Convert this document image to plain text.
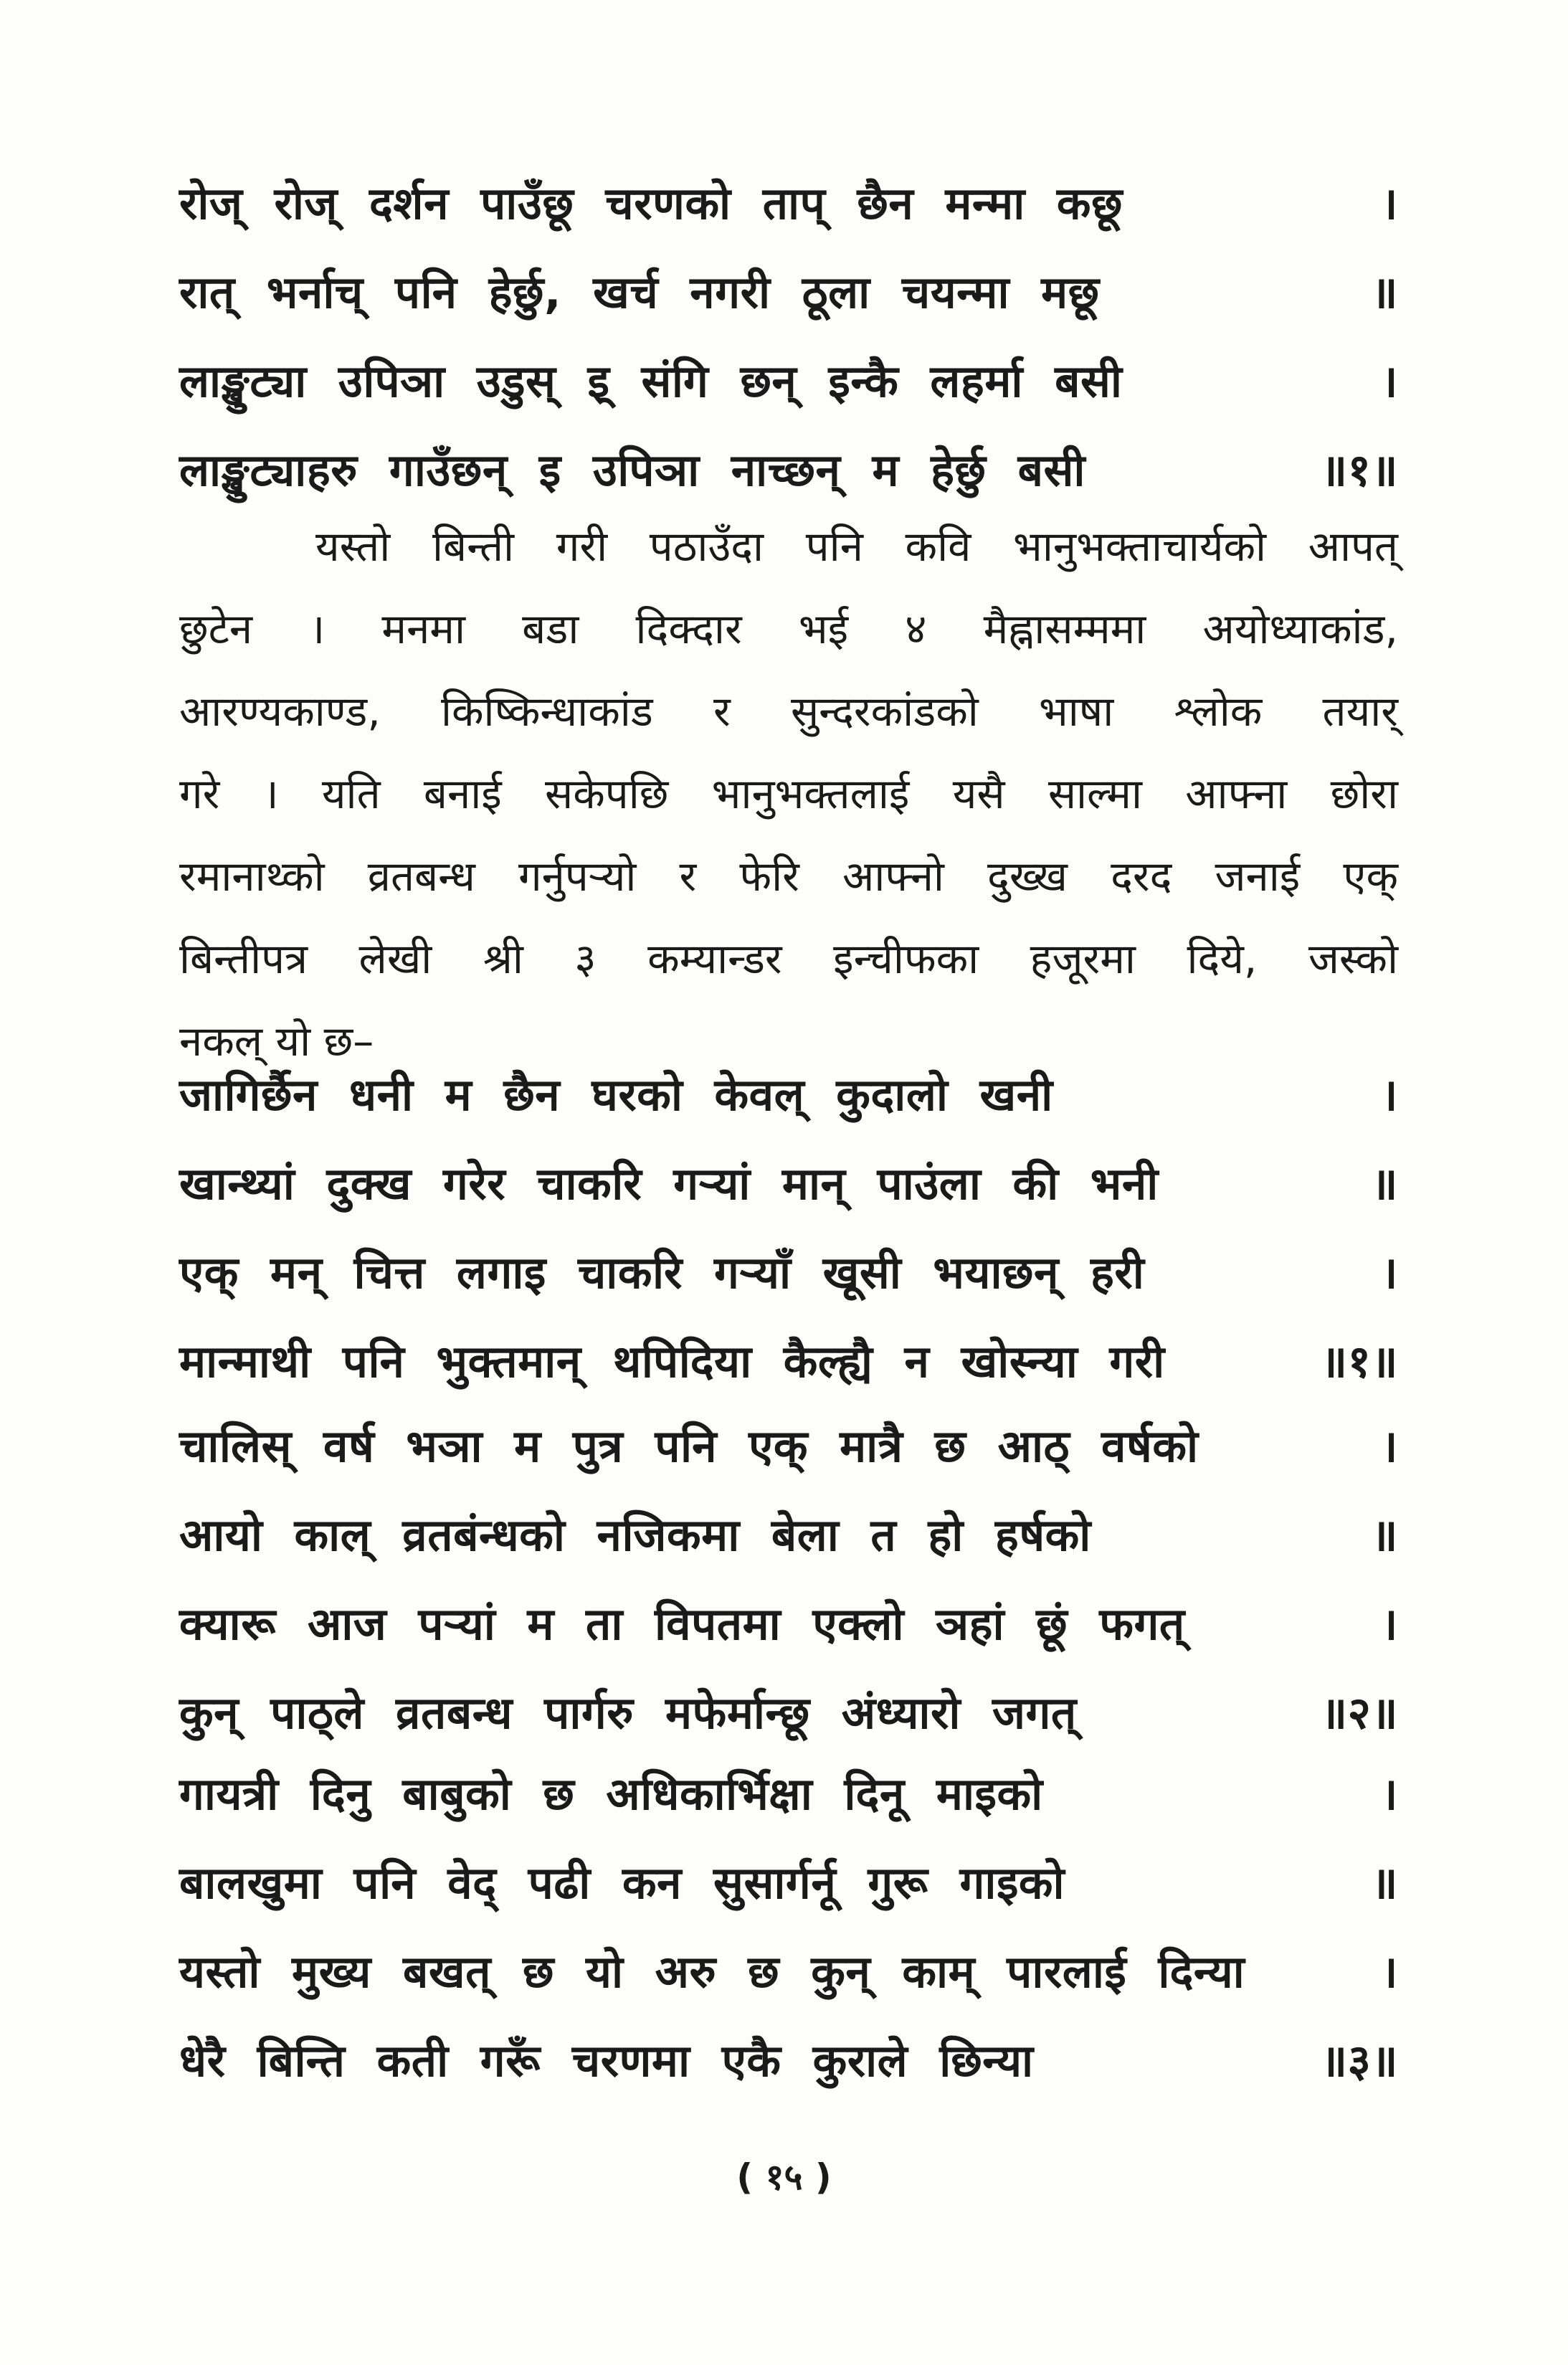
रोज् रोज् दर्शन पाउँछू चरणको ताप् छैन मन्मा कछू	।
रात् भर्नाच् पनि हेर्छु, खर्च नगरी ठूला चयन्मा मछू	॥
लाङ्खुट्या उपिञा उडुस् इ् संगि छन् इन्कै लहर्मा बसी	।
लाङ्खुट्याहरु गाउँछन् इ उपिञा नाच्छन् म हेर्छु बसी	॥१॥
यस्तो बिन्ती गरी पठाउँदा पनि कवि भानुभक्ताचार्यको आपत्
छुटेन । मनमा बडा दिक्दार भई ४ मैह्नासम्ममा अयोध्याकांड,
आरण्यकाण्ड, किष्किन्धाकांड र सुन्दरकांडको भाषा श्लोक तयार्
गरे । यति बनाई सकेपछि भानुभक्तलाई यसै साल्मा आफ्ना छोरा
रमानाथ्को व्रतबन्ध गर्नुपर्‍यो र फेरि आफ्नो दुख्ख दरद जनाई एक्
बिन्तीपत्र लेखी श्री ३ कम्यान्डर इन्चीफका हजूरमा दिये, जस्को
नकल् यो छ–
जागिर्छैन धनी म छैन घरको केवल् कुदालो खनी	।
खान्थ्यां दुक्ख गरेर चाकरि गर्‍यां मान् पाउंला की भनी	॥
एक् मन् चित्त लगाइ चाकरि गर्‍याँ खूसी भयाछन् हरी	।
मान्माथी पनि भुक्तमान् थपिदिया कैल्ह्यै न खोस्न्या गरी	॥१॥
चालिस् वर्ष भञा म पुत्र पनि एक् मात्रै छ आठ् वर्षको	।
आयो काल् व्रतबंन्धको नजिकमा बेला त हो हर्षको	॥
क्यारू आज पर्‍यां म ता विपतमा एक्लो ञहां छूं फगत्	।
कुन् पाठ्ले व्रतबन्ध पार्गरु मफेर्मान्छू अंध्यारो जगत्	॥२॥
गायत्री दिनु बाबुको छ अधिकार्भिक्षा दिनू माइको	।
बालखुमा पनि वेद् पढी कन सुसार्गर्नू गुरू गाइको	॥
यस्तो मुख्य बखत् छ यो अरु छ कुन् काम् पारलाई दिन्या	।
धेरै बिन्ति कती गरूँ चरणमा एकै कुराले छिन्या	॥३॥
( १५ )
